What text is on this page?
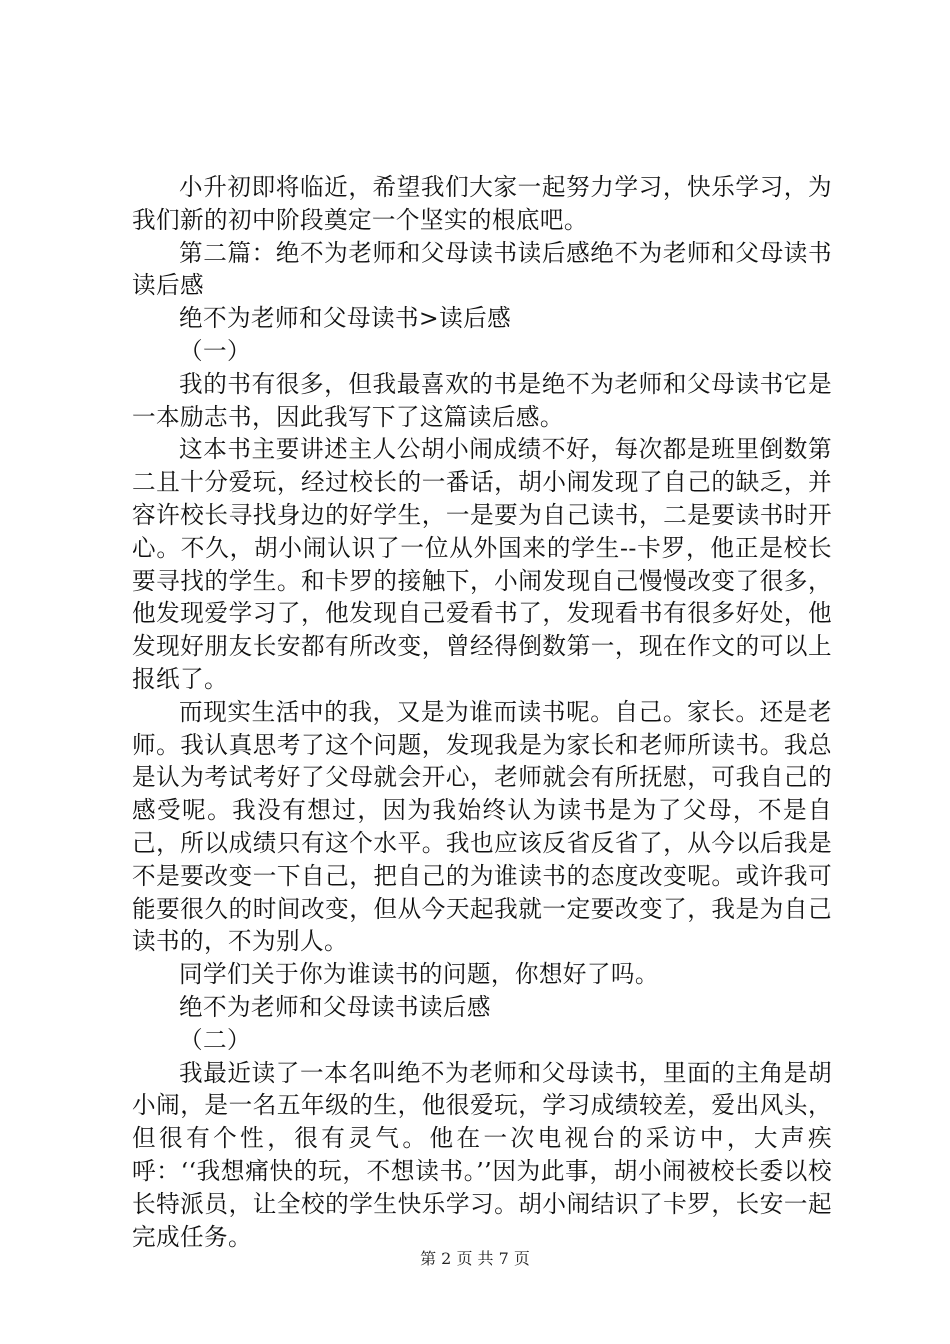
小升初即将临近，希望我们大家一起努力学习，快乐学习，为我们新的初中阶段奠定一个坚实的根底吧。

第二篇：绝不为老师和父母读书读后感绝不为老师和父母读书读后感

绝不为老师和父母读书>读后感

（一）

我的书有很多，但我最喜欢的书是绝不为老师和父母读书它是一本励志书，因此我写下了这篇读后感。

这本书主要讲述主人公胡小闹成绩不好，每次都是班里倒数第二且十分爱玩，经过校长的一番话，胡小闹发现了自己的缺乏，并容许校长寻找身边的好学生，一是要为自己读书，二是要读书时开心。不久，胡小闹认识了一位从外国来的学生--卡罗，他正是校长要寻找的学生。和卡罗的接触下，小闹发现自己慢慢改变了很多，他发现爱学习了，他发现自己爱看书了，发现看书有很多好处，他发现好朋友长安都有所改变，曾经得倒数第一，现在作文的可以上报纸了。

而现实生活中的我，又是为谁而读书呢。自己。家长。还是老师。我认真思考了这个问题，发现我是为家长和老师所读书。我总是认为考试考好了父母就会开心，老师就会有所抚慰，可我自己的感受呢。我没有想过，因为我始终认为读书是为了父母，不是自己，所以成绩只有这个水平。我也应该反省反省了，从今以后我是不是要改变一下自己，把自己的为谁读书的态度改变呢。或许我可能要很久的时间改变，但从今天起我就一定要改变了，我是为自己读书的，不为别人。

同学们关于你为谁读书的问题，你想好了吗。

绝不为老师和父母读书读后感

（二）

我最近读了一本名叫绝不为老师和父母读书，里面的主角是胡小闹，是一名五年级的生，他很爱玩，学习成绩较差，爱出风头，但很有个性，很有灵气。他在一次电视台的采访中，大声疾呼：‘‘我想痛快的玩，不想读书。’’因为此事，胡小闹被校长委以校长特派员，让全校的学生快乐学习。胡小闹结识了卡罗，长安一起完成任务。

第 2 页 共 7 页
